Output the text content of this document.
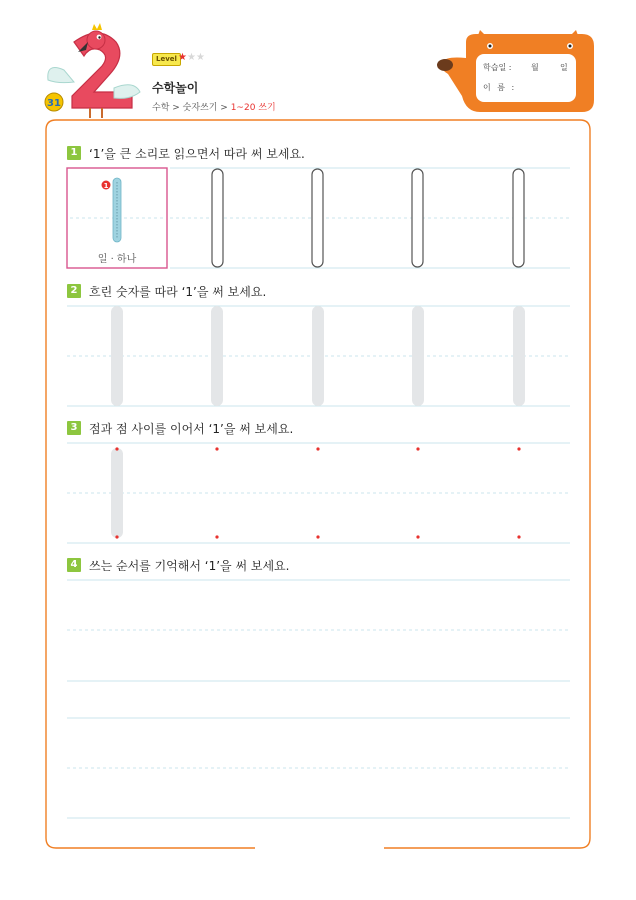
31
Level ★★★
수학놀이
수학 > 숫자쓰기 > 1~20 쓰기
학습일 : 월	일
이 름 :
1 ‘1’을 큰 소리로 읽으면서 따라 써 보세요.
2 흐린 숫자를 따라 ‘1’을 써 보세요.
3 점과 점 사이를 이어서 ‘1’을 써 보세요.
4 쓰는 순서를 기억해서 ‘1’을 써 보세요.
1
일 · 하나
